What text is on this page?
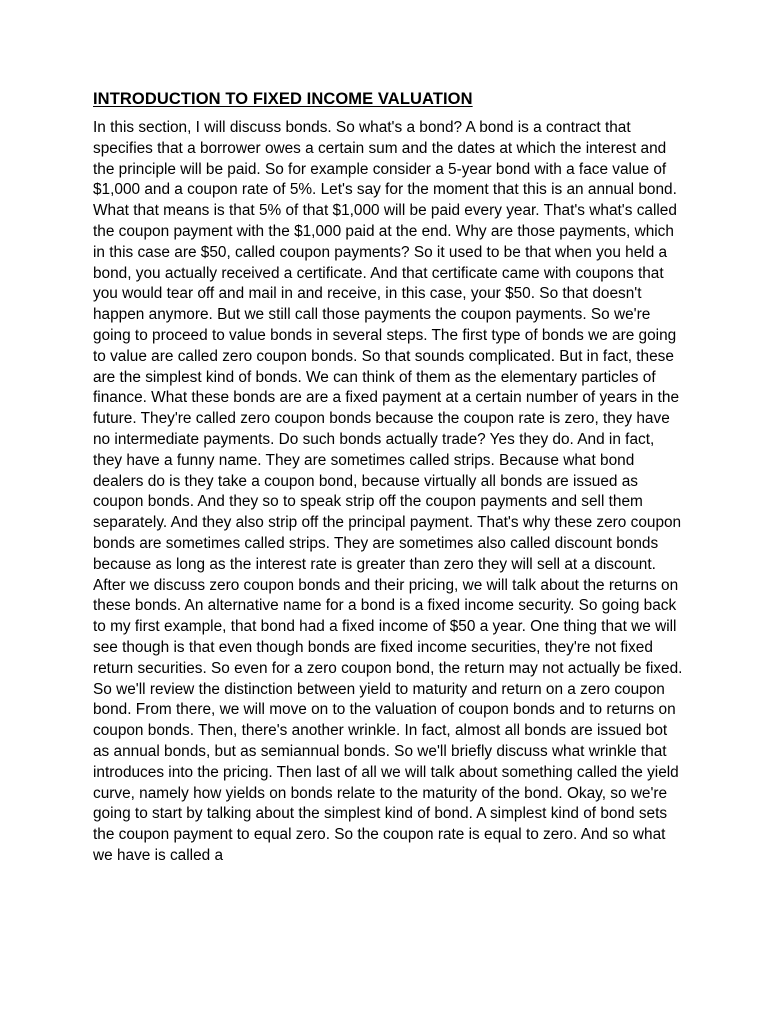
INTRODUCTION TO FIXED INCOME VALUATION

In this section, I will discuss bonds. So what's a bond? A bond is a contract that specifies that a borrower owes a certain sum and the dates at which the interest and the principle will be paid. So for example consider a 5-year bond with a face value of $1,000 and a coupon rate of 5%. Let's say for the moment that this is an annual bond. What that means is that 5% of that $1,000 will be paid every year. That's what's called the coupon payment with the $1,000 paid at the end. Why are those payments, which in this case are $50, called coupon payments? So it used to be that when you held a bond, you actually received a certificate. And that certificate came with coupons that you would tear off and mail in and receive, in this case, your $50. So that doesn't happen anymore. But we still call those payments the coupon payments. So we're going to proceed to value bonds in several steps. The first type of bonds we are going to value are called zero coupon bonds. So that sounds complicated. But in fact, these are the simplest kind of bonds. We can think of them as the elementary particles of finance. What these bonds are are a fixed payment at a certain number of years in the future. They're called zero coupon bonds because the coupon rate is zero, they have no intermediate payments. Do such bonds actually trade? Yes they do. And in fact, they have a funny name. They are sometimes called strips. Because what bond dealers do is they take a coupon bond, because virtually all bonds are issued as coupon bonds. And they so to speak strip off the coupon payments and sell them separately. And they also strip off the principal payment. That's why these zero coupon bonds are sometimes called strips. They are sometimes also called discount bonds because as long as the interest rate is greater than zero they will sell at a discount. After we discuss zero coupon bonds and their pricing, we will talk about the returns on these bonds. An alternative name for a bond is a fixed income security. So going back to my first example, that bond had a fixed income of $50 a year. One thing that we will see though is that even though bonds are fixed income securities, they're not fixed return securities. So even for a zero coupon bond, the return may not actually be fixed. So we'll review the distinction between yield to maturity and return on a zero coupon bond. From there, we will move on to the valuation of coupon bonds and to returns on coupon bonds. Then, there's another wrinkle. In fact, almost all bonds are issued bot as annual bonds, but as semiannual bonds. So we'll briefly discuss what wrinkle that introduces into the pricing. Then last of all we will talk about something called the yield curve, namely how yields on bonds relate to the maturity of the bond. Okay, so we're going to start by talking about the simplest kind of bond. A simplest kind of bond sets the coupon payment to equal zero. So the coupon rate is equal to zero. And so what we have is called a
